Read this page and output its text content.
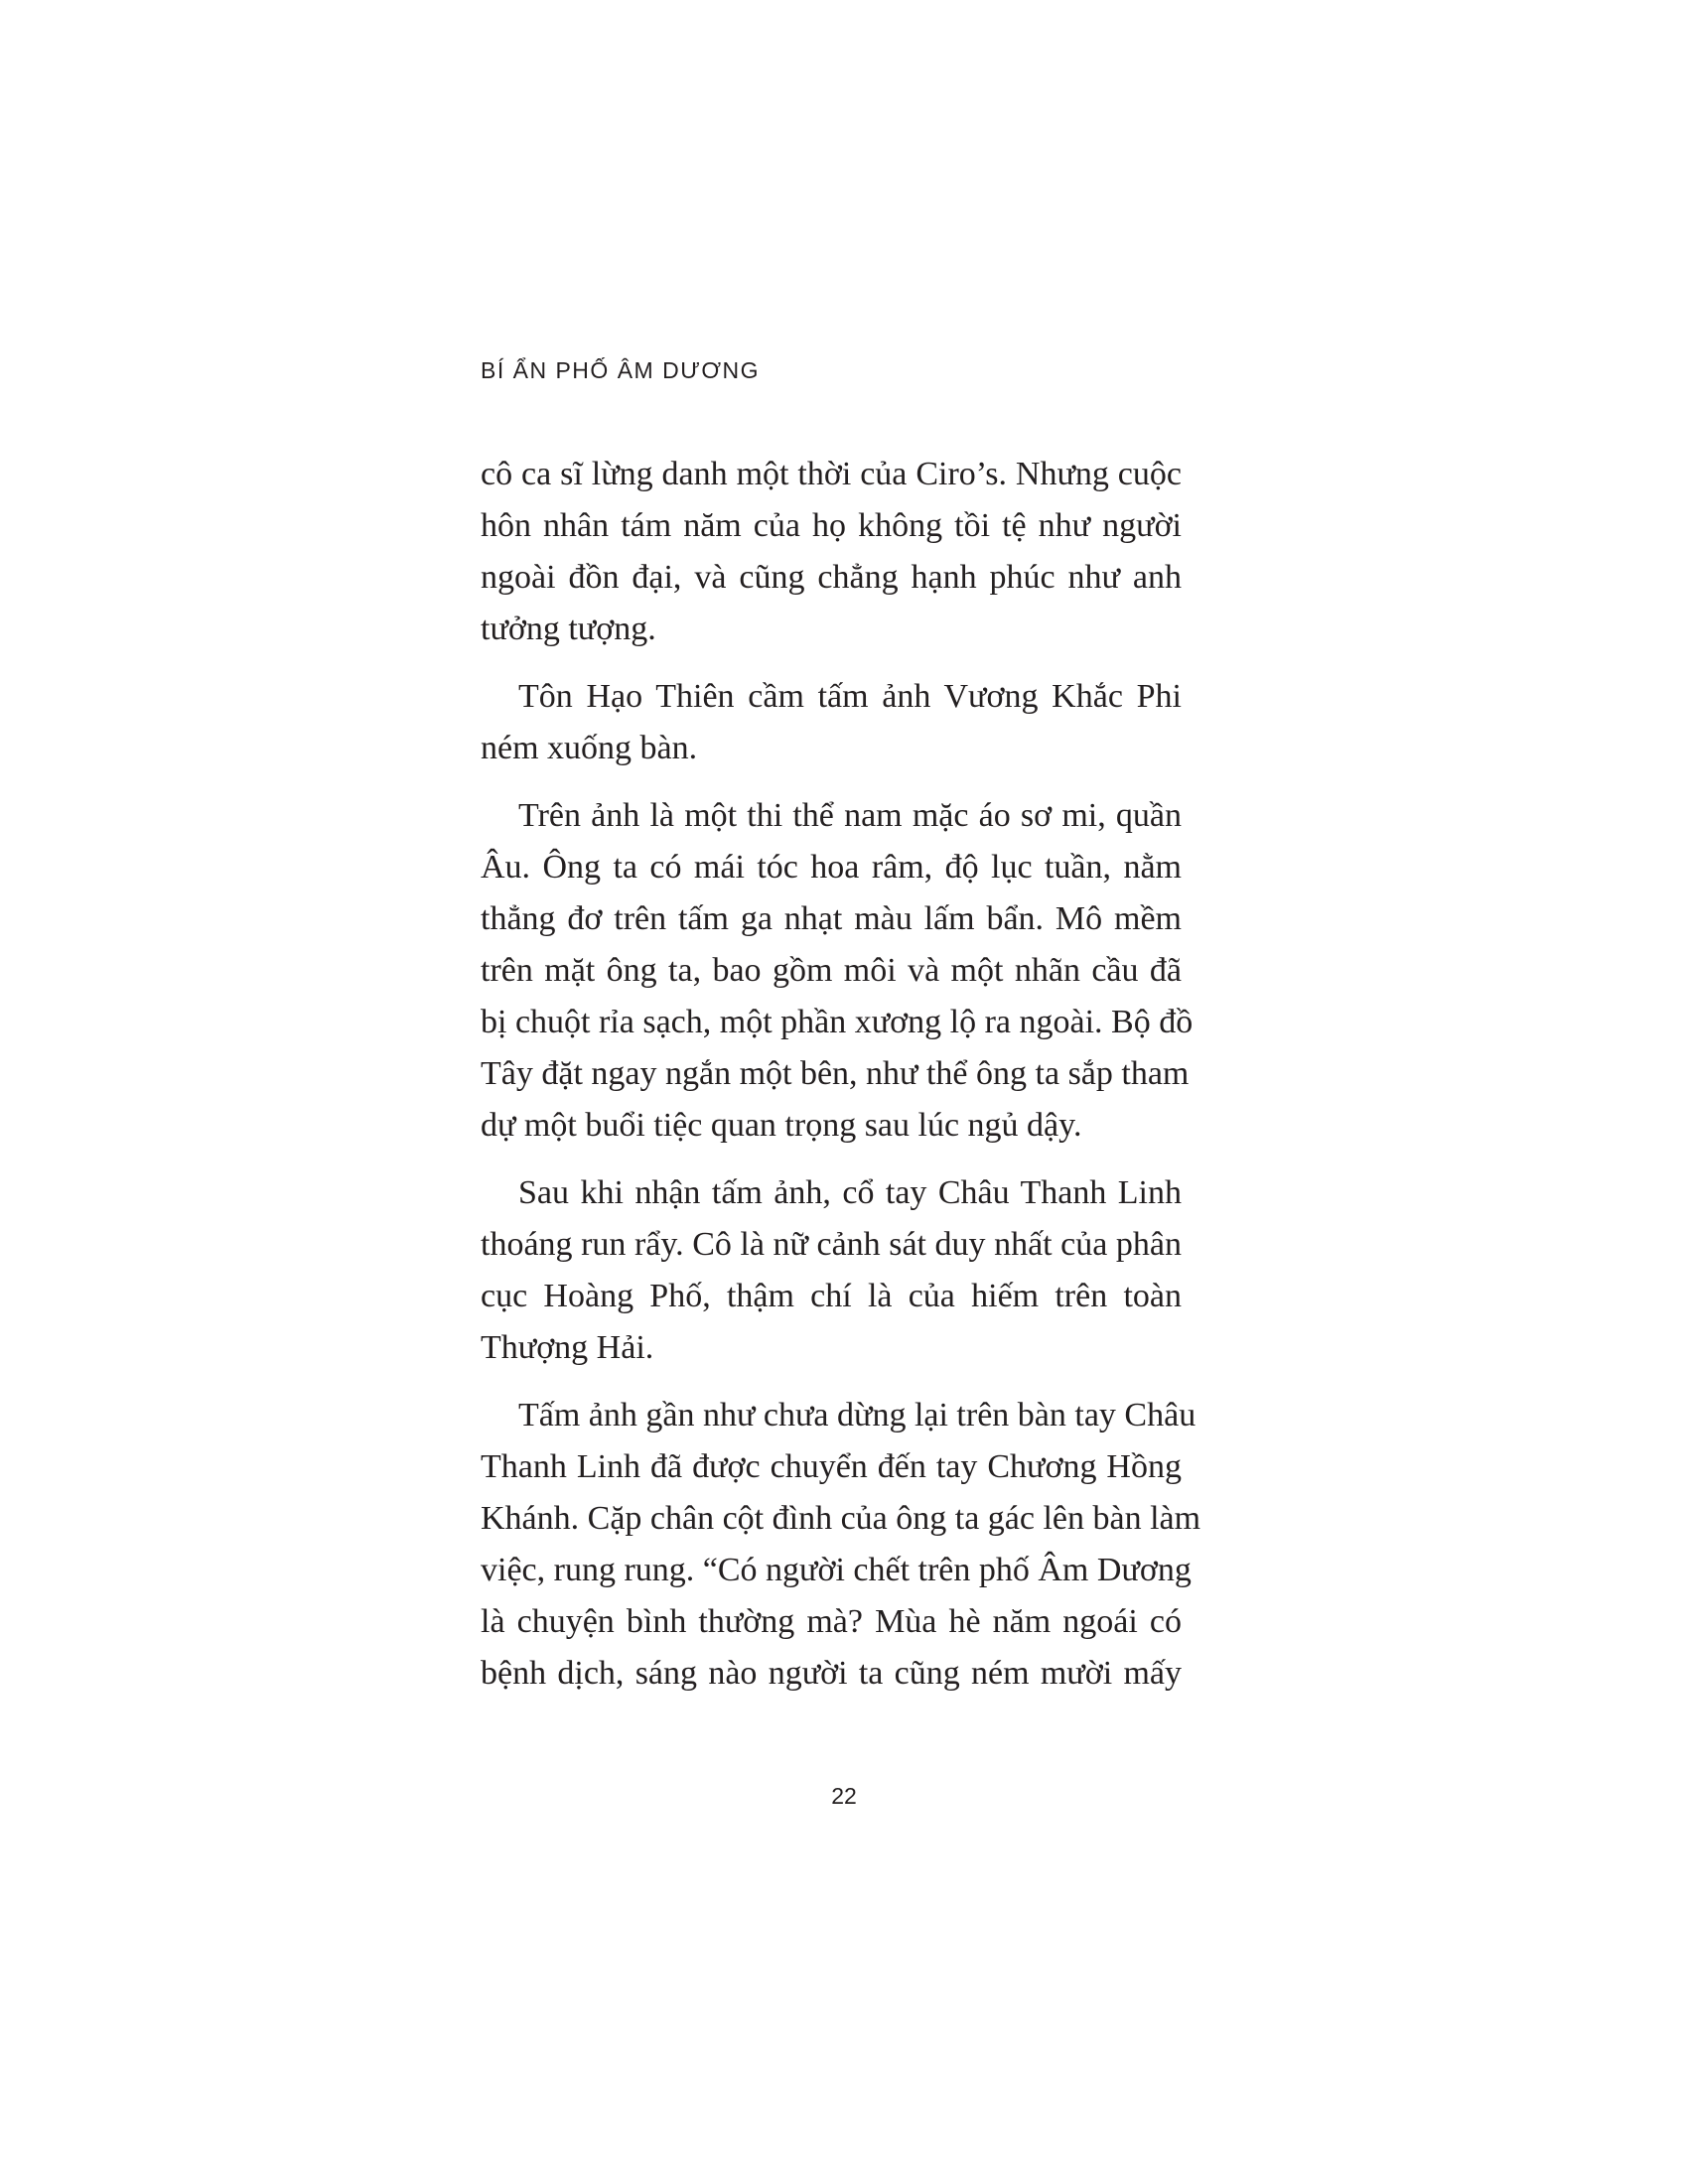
BÍ ẨN PHỐ ÂM DƯƠNG
cô ca sĩ lừng danh một thời của Ciro’s. Nhưng cuộc
hôn nhân tám năm của họ không tồi tệ như người
ngoài đồn đại, và cũng chẳng hạnh phúc như anh
tưởng tượng.
Tôn Hạo Thiên cầm tấm ảnh Vương Khắc Phi
ném xuống bàn.
Trên ảnh là một thi thể nam mặc áo sơ mi, quần
Âu. Ông ta có mái tóc hoa râm, độ lục tuần, nằm
thẳng đơ trên tấm ga nhạt màu lấm bẩn. Mô mềm
trên mặt ông ta, bao gồm môi và một nhãn cầu đã
bị chuột rỉa sạch, một phần xương lộ ra ngoài. Bộ đồ
Tây đặt ngay ngắn một bên, như thể ông ta sắp tham
dự một buổi tiệc quan trọng sau lúc ngủ dậy.
Sau khi nhận tấm ảnh, cổ tay Châu Thanh Linh
thoáng run rẩy. Cô là nữ cảnh sát duy nhất của phân
cục Hoàng Phố, thậm chí là của hiếm trên toàn
Thượng Hải.
Tấm ảnh gần như chưa dừng lại trên bàn tay Châu
Thanh Linh đã được chuyển đến tay Chương Hồng
Khánh. Cặp chân cột đình của ông ta gác lên bàn làm
việc, rung rung. “Có người chết trên phố Âm Dương
là chuyện bình thường mà? Mùa hè năm ngoái có
bệnh dịch, sáng nào người ta cũng ném mười mấy
22
